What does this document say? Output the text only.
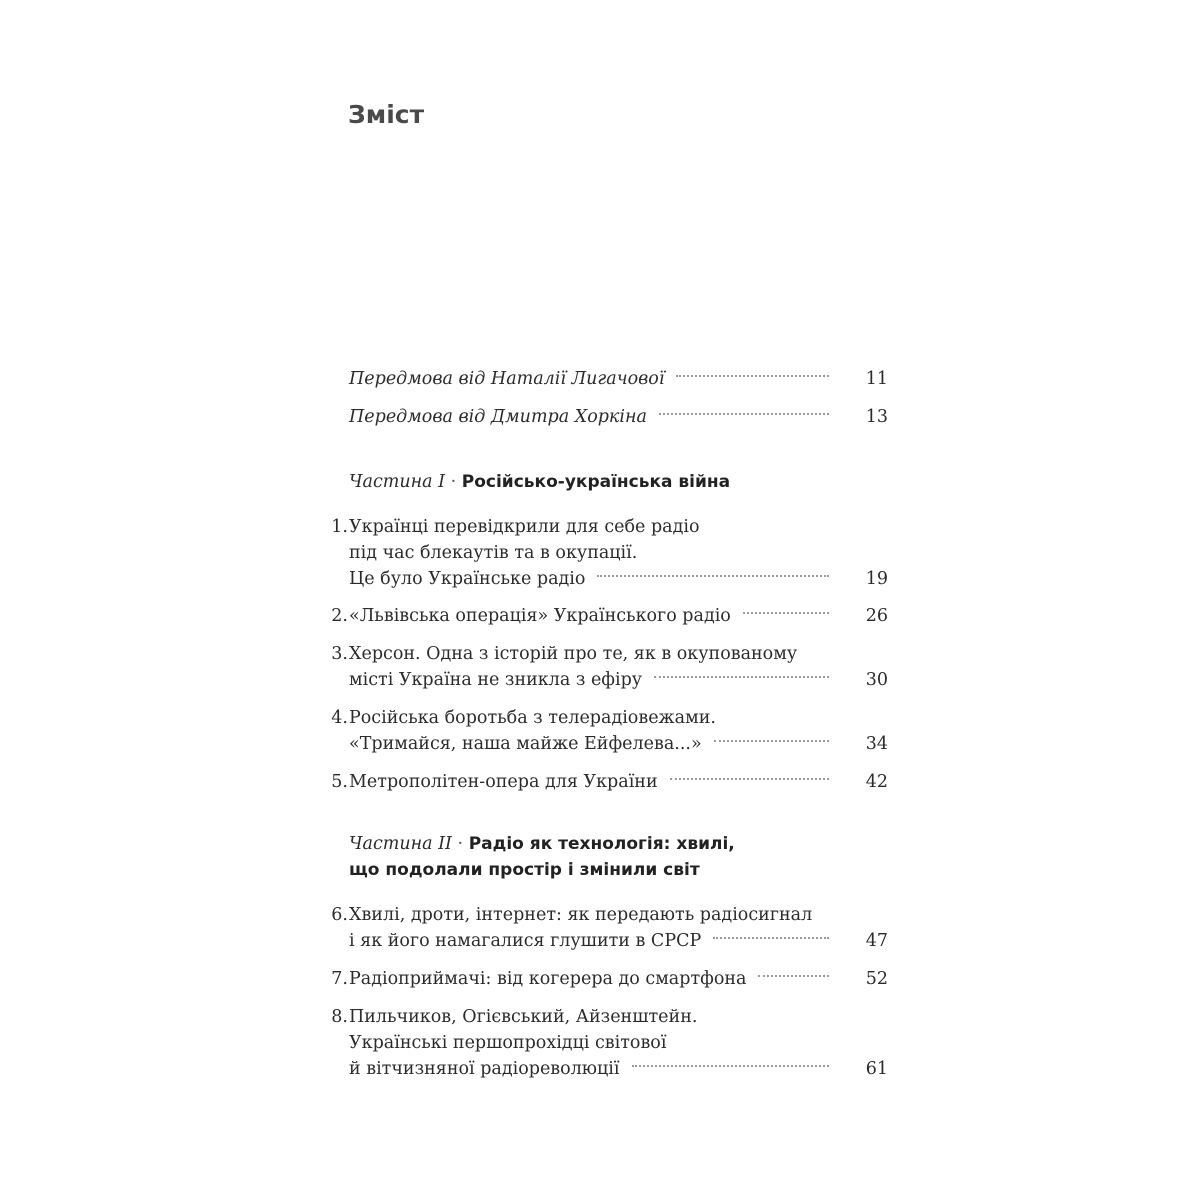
Зміст
Передмова від Наталії Лигачової	11
Передмова від Дмитра Хоркіна	13
Частина I · Російсько-українська війна
1. Українці перевідкрили для себе радіо
під час блекаутів та в окупації.
Це було Українське радіо	19
2. «Львівська операція» Українського радіо	26
3. Херсон. Одна з історій про те, як в окупованому
місті Україна не зникла з ефіру	30
4. Російська боротьба з телерадіовежами.
«Тримайся, наша майже Ейфелева...»	34
5. Метрополітен-опера для України	42
Частина II · Радіо як технологія: хвилі,
що подолали простір і змінили світ
6. Хвилі, дроти, інтернет: як передають радіосигнал
і як його намагалися глушити в СРСР	47
7. Радіоприймачі: від когерера до смартфона	52
8. Пильчиков, Огієвський, Айзенштейн.
Українські першопрохідці світової
й вітчизняної радіореволюції	61
